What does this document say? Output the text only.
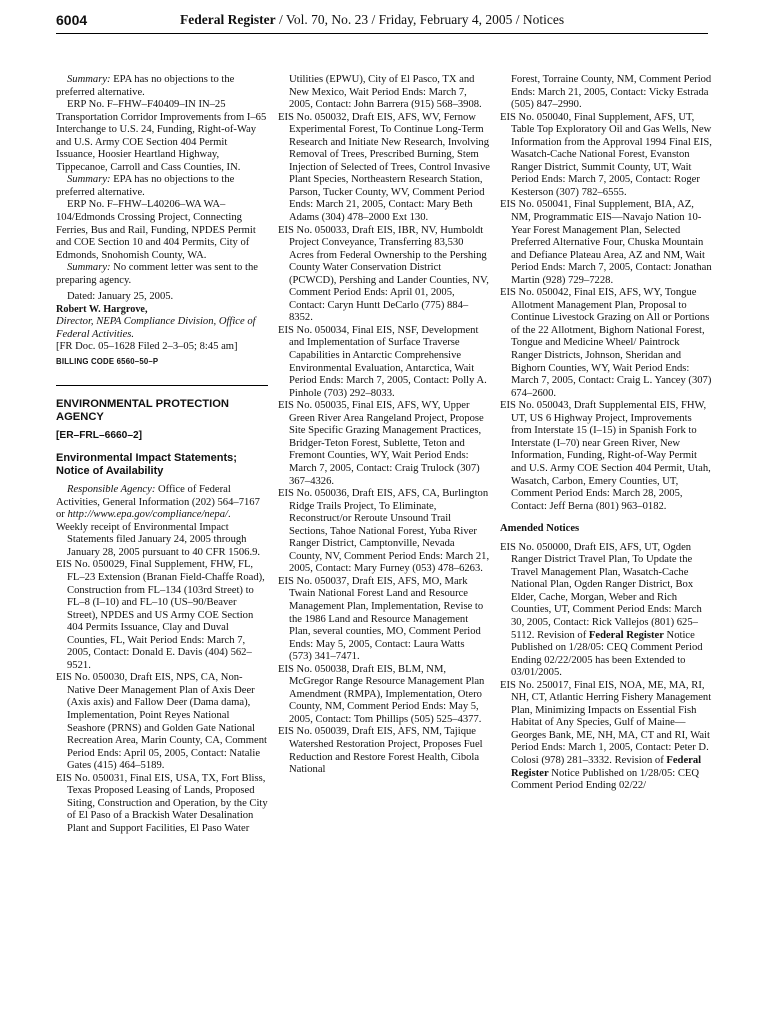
6004	Federal Register / Vol. 70, No. 23 / Friday, February 4, 2005 / Notices

Summary: EPA has no objections to the preferred alternative.

ERP No. F–FHW–F40409–IN IN–25 Transportation Corridor Improvements from I–65 Interchange to U.S. 24, Funding, Right-of-Way and U.S. Army COE Section 404 Permit Issuance, Hoosier Heartland Highway, Tippecanoe, Carroll and Cass Counties, IN.

Summary: EPA has no objections to the preferred alternative.

ERP No. F–FHW–L40206–WA WA–104/Edmonds Crossing Project, Connecting Ferries, Bus and Rail, Funding, NPDES Permit and COE Section 10 and 404 Permits, City of Edmonds, Snohomish County, WA.

Summary: No comment letter was sent to the preparing agency.

Dated: January 25, 2005.

Robert W. Hargrove,

Director, NEPA Compliance Division, Office of Federal Activities.

[FR Doc. 05–1628 Filed 2–3–05; 8:45 am]

BILLING CODE 6560–50–P

ENVIRONMENTAL PROTECTION AGENCY

[ER–FRL–6660–2]

Environmental Impact Statements; Notice of Availability

Responsible Agency: Office of Federal Activities, General Information (202) 564–7167 or http://www.epa.gov/compliance/nepa/.

Weekly receipt of Environmental Impact Statements filed January 24, 2005 through January 28, 2005 pursuant to 40 CFR 1506.9.

EIS No. 050029, Final Supplement, FHW, FL, FL–23 Extension (Branan Field-Chaffe Road), Construction from FL–134 (103rd Street) to FL–8 (I–10) and FL–10 (US–90/Beaver Street), NPDES and US Army COE Section 404 Permits Issuance, Clay and Duval Counties, FL, Wait Period Ends: March 7, 2005, Contact: Donald E. Davis (404) 562–9521.

EIS No. 050030, Draft EIS, NPS, CA, Non-Native Deer Management Plan of Axis Deer (Axis axis) and Fallow Deer (Dama dama), Implementation, Point Reyes National Seashore (PRNS) and Golden Gate National Recreation Area, Marin County, CA, Comment Period Ends: April 05, 2005, Contact: Natalie Gates (415) 464–5189.

EIS No. 050031, Final EIS, USA, TX, Fort Bliss, Texas Proposed Leasing of Lands, Proposed Siting, Construction and Operation, by the City of El Paso of a Brackish Water Desalination Plant and Support Facilities, El Paso Water

Utilities (EPWU), City of El Pasco, TX and New Mexico, Wait Period Ends: March 7, 2005, Contact: John Barrera (915) 568–3908.

EIS No. 050032, Draft EIS, AFS, WV, Fernow Experimental Forest, To Continue Long-Term Research and Initiate New Research, Involving Removal of Trees, Prescribed Burning, Stem Injection of Selected of Trees, Control Invasive Plant Species, Northeastern Research Station, Parson, Tucker County, WV, Comment Period Ends: March 21, 2005, Contact: Mary Beth Adams (304) 478–2000 Ext 130.

EIS No. 050033, Draft EIS, IBR, NV, Humboldt Project Conveyance, Transferring 83,530 Acres from Federal Ownership to the Pershing County Water Conservation District (PCWCD), Pershing and Lander Counties, NV, Comment Period Ends: April 01, 2005, Contact: Caryn Huntt DeCarlo (775) 884–8352.

EIS No. 050034, Final EIS, NSF, Development and Implementation of Surface Traverse Capabilities in Antarctic Comprehensive Environmental Evaluation, Antarctica, Wait Period Ends: March 7, 2005, Contact: Polly A. Pinhole (703) 292–8033.

EIS No. 050035, Final EIS, AFS, WY, Upper Green River Area Rangeland Project, Propose Site Specific Grazing Management Practices, Bridger-Teton Forest, Sublette, Teton and Fremont Counties, WY, Wait Period Ends: March 7, 2005, Contact: Craig Trulock (307) 367–4326.

EIS No. 050036, Draft EIS, AFS, CA, Burlington Ridge Trails Project, To Eliminate, Reconstruct/or Reroute Unsound Trail Sections, Tahoe National Forest, Yuba River Ranger District, Camptonville, Nevada County, NV, Comment Period Ends: March 21, 2005, Contact: Mary Furney (053) 478–6263.

EIS No. 050037, Draft EIS, AFS, MO, Mark Twain National Forest Land and Resource Management Plan, Implementation, Revise to the 1986 Land and Resource Management Plan, several counties, MO, Comment Period Ends: May 5, 2005, Contact: Laura Watts (573) 341–7471.

EIS No. 050038, Draft EIS, BLM, NM, McGregor Range Resource Management Plan Amendment (RMPA), Implementation, Otero County, NM, Comment Period Ends: May 5, 2005, Contact: Tom Phillips (505) 525–4377.

EIS No. 050039, Draft EIS, AFS, NM, Tajique Watershed Restoration Project, Proposes Fuel Reduction and Restore Forest Health, Cibola National

Forest, Torraine County, NM, Comment Period Ends: March 21, 2005, Contact: Vicky Estrada (505) 847–2990.

EIS No. 050040, Final Supplement, AFS, UT, Table Top Exploratory Oil and Gas Wells, New Information from the Approval 1994 Final EIS, Wasatch-Cache National Forest, Evanston Ranger District, Summit County, UT, Wait Period Ends: March 7, 2005, Contact: Roger Kesterson (307) 782–6555.

EIS No. 050041, Final Supplement, BIA, AZ, NM, Programmatic EIS—Navajo Nation 10-Year Forest Management Plan, Selected Preferred Alternative Four, Chuska Mountain and Defiance Plateau Area, AZ and NM, Wait Period Ends: March 7, 2005, Contact: Jonathan Martin (928) 729–7228.

EIS No. 050042, Final EIS, AFS, WY, Tongue Allotment Management Plan, Proposal to Continue Livestock Grazing on All or Portions of the 22 Allotment, Bighorn National Forest, Tongue and Medicine Wheel/ Paintrock Ranger Districts, Johnson, Sheridan and Bighorn Counties, WY, Wait Period Ends: March 7, 2005, Contact: Craig L. Yancey (307) 674–2600.

EIS No. 050043, Draft Supplemental EIS, FHW, UT, US 6 Highway Project, Improvements from Interstate 15 (I–15) in Spanish Fork to Interstate (I–70) near Green River, New Information, Funding, Right-of-Way Permit and U.S. Army COE Section 404 Permit, Utah, Wasatch, Carbon, Emery Counties, UT, Comment Period Ends: March 28, 2005, Contact: Jeff Berna (801) 963–0182.

Amended Notices

EIS No. 050000, Draft EIS, AFS, UT, Ogden Ranger District Travel Plan, To Update the Travel Management Plan, Wasatch-Cache National Plan, Ogden Ranger District, Box Elder, Cache, Morgan, Weber and Rich Counties, UT, Comment Period Ends: March 30, 2005, Contact: Rick Vallejos (801) 625–5112. Revision of Federal Register Notice Published on 1/28/05: CEQ Comment Period Ending 02/22/2005 has been Extended to 03/01/2005.

EIS No. 250017, Final EIS, NOA, ME, MA, RI, NH, CT, Atlantic Herring Fishery Management Plan, Minimizing Impacts on Essential Fish Habitat of Any Species, Gulf of Maine—Georges Bank, ME, NH, MA, CT and RI, Wait Period Ends: March 1, 2005, Contact: Peter D. Colosi (978) 281–3332. Revision of Federal Register Notice Published on 1/28/05: CEQ Comment Period Ending 02/22/
